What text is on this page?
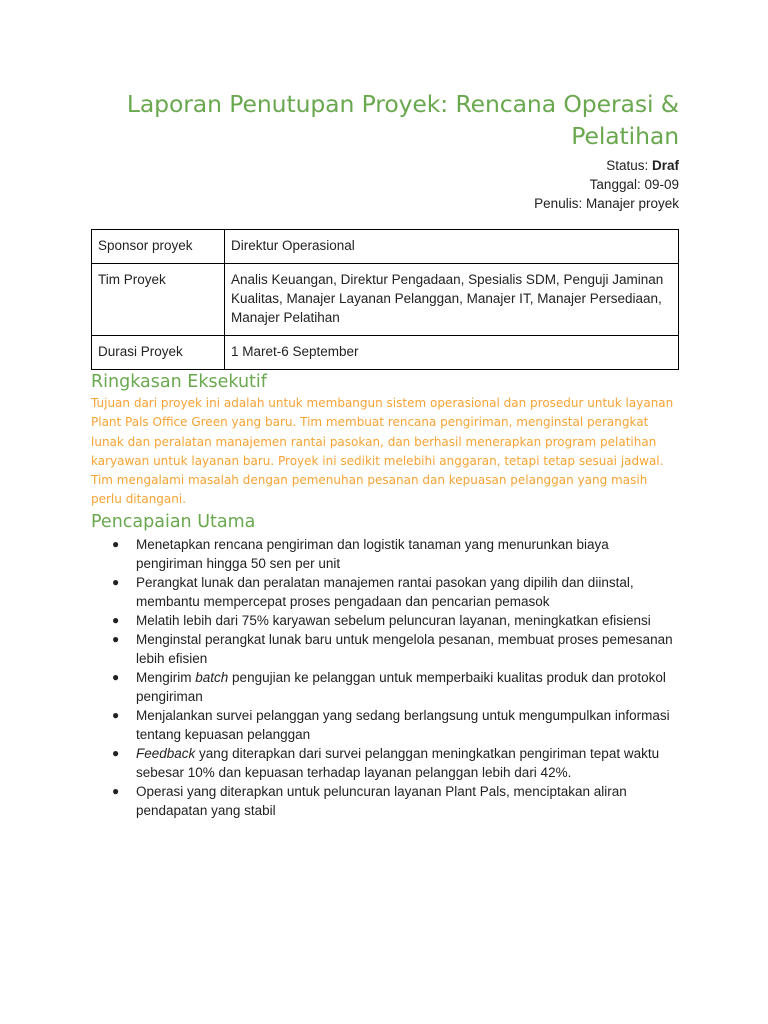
Laporan Penutupan Proyek: Rencana Operasi &
Pelatihan
Status: Draf
Tanggal: 09-09
Penulis: Manajer proyek
Sponsor proyek	Direktur Operasional
Tim Proyek	Analis Keuangan, Direktur Pengadaan, Spesialis SDM, Penguji Jaminan Kualitas, Manajer Layanan Pelanggan, Manajer IT, Manajer Persediaan, Manajer Pelatihan
Durasi Proyek	1 Maret-6 September
Ringkasan Eksekutif

Tujuan dari proyek ini adalah untuk membangun sistem operasional dan prosedur untuk layanan Plant Pals Office Green yang baru. Tim membuat rencana pengiriman, menginstal perangkat lunak dan peralatan manajemen rantai pasokan, dan berhasil menerapkan program pelatihan karyawan untuk layanan baru. Proyek ini sedikit melebihi anggaran, tetapi tetap sesuai jadwal. Tim mengalami masalah dengan pemenuhan pesanan dan kepuasan pelanggan yang masih perlu ditangani.

Pencapaian Utama
● Menetapkan rencana pengiriman dan logistik tanaman yang menurunkan biaya pengiriman hingga 50 sen per unit
● Perangkat lunak dan peralatan manajemen rantai pasokan yang dipilih dan diinstal, membantu mempercepat proses pengadaan dan pencarian pemasok
● Melatih lebih dari 75% karyawan sebelum peluncuran layanan, meningkatkan efisiensi
● Menginstal perangkat lunak baru untuk mengelola pesanan, membuat proses pemesanan lebih efisien
● Mengirim batch pengujian ke pelanggan untuk memperbaiki kualitas produk dan protokol pengiriman
● Menjalankan survei pelanggan yang sedang berlangsung untuk mengumpulkan informasi tentang kepuasan pelanggan
● Feedback yang diterapkan dari survei pelanggan meningkatkan pengiriman tepat waktu sebesar 10% dan kepuasan terhadap layanan pelanggan lebih dari 42%.
● Operasi yang diterapkan untuk peluncuran layanan Plant Pals, menciptakan aliran pendapatan yang stabil
